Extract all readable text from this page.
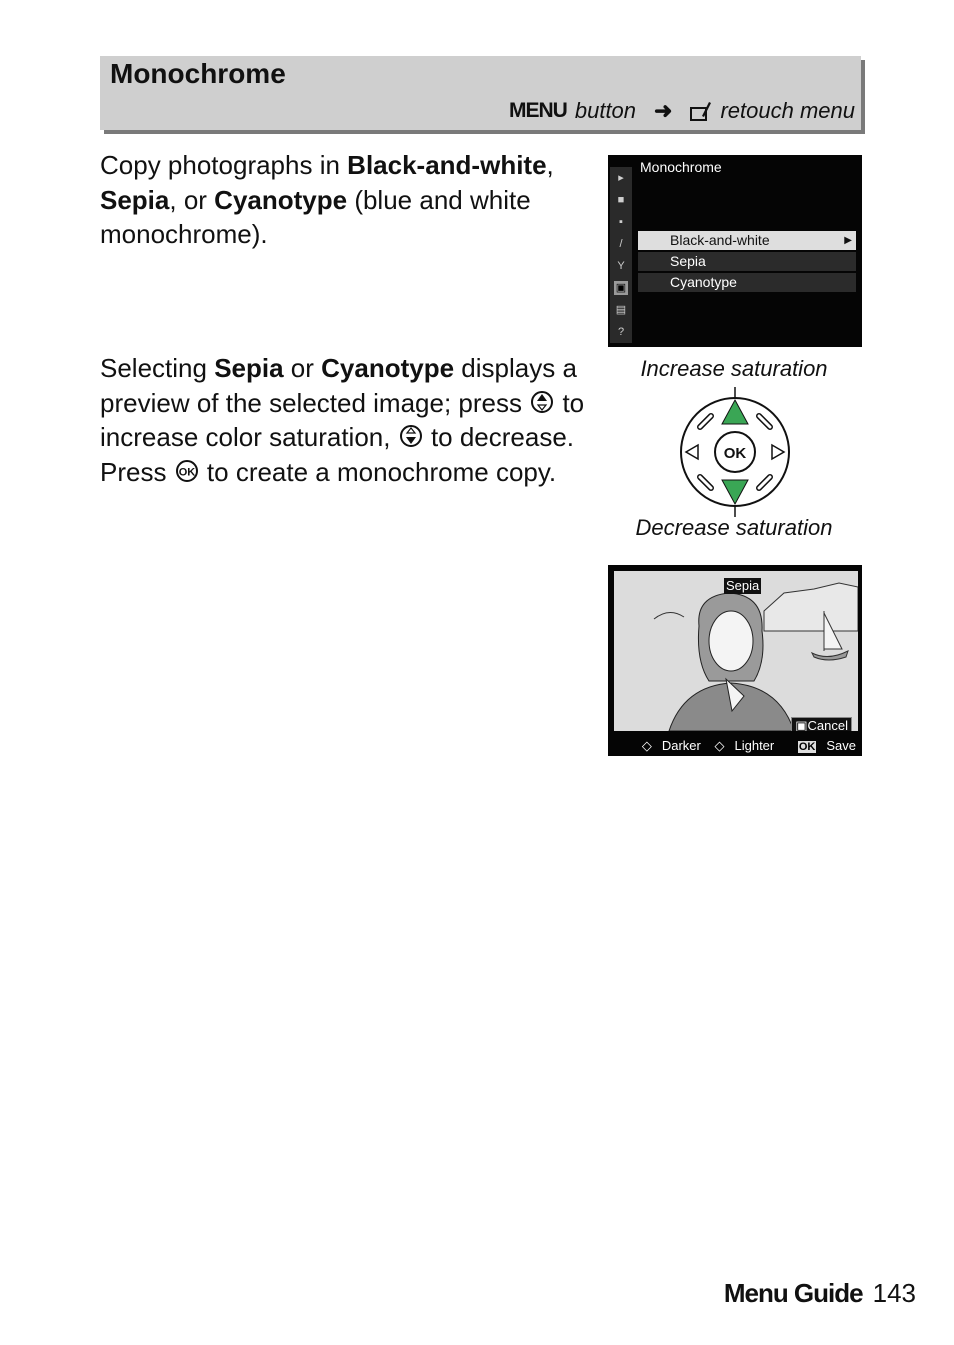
Monochrome
MENU button ➜ retouch menu

Copy photographs in Black-and-white,
Sepia, or Cyanotype (blue and white monochrome).

Selecting Sepia or Cyanotype displays a preview of the selected image; press  to increase color saturation,  to decrease. Press OK to create a monochrome copy.

Monochrome
▸
■
▪
/
Y
▣
▤
?
Black-and-white	▶
Sepia
Cyanotype
Increase saturation
OK
Decrease saturation
Sepia
▣Cancel
◇ Darker ◇ Lighter OK Save
Menu Guide 143
